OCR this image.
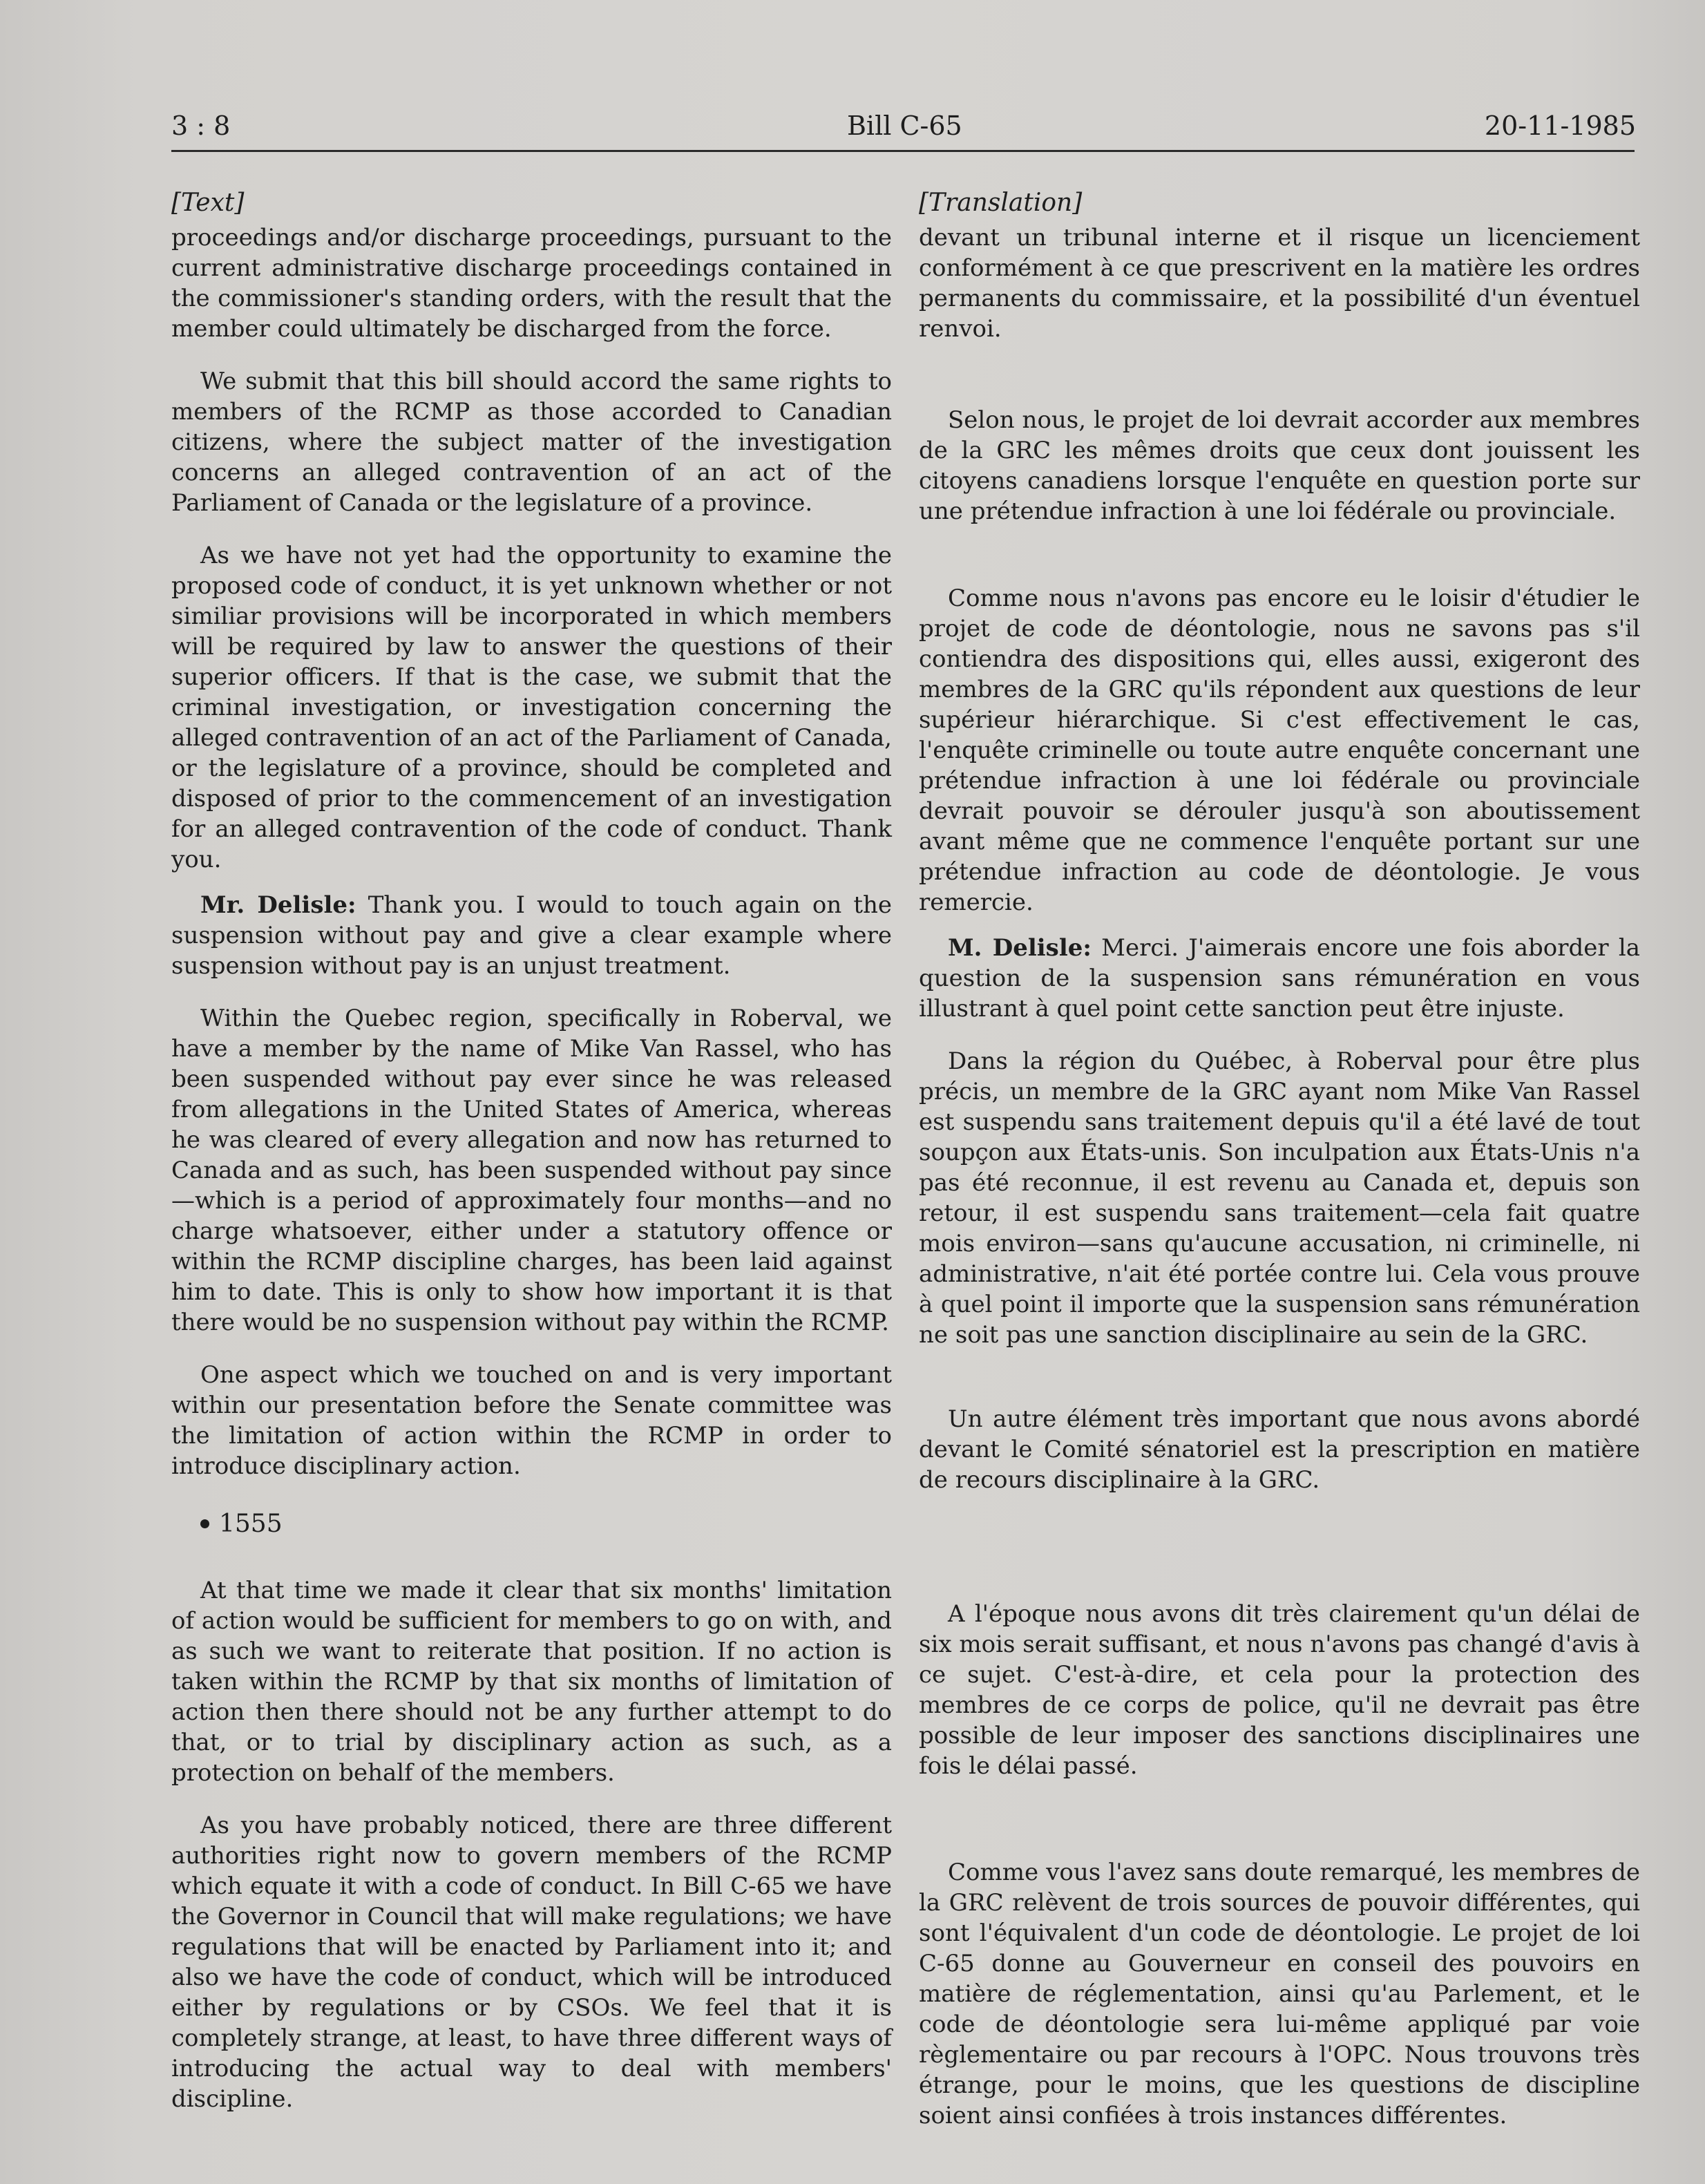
3 : 8	Bill C-65	20-11-1985

[Text]

proceedings and/or discharge proceedings, pursuant to the current administrative discharge proceedings contained in the commissioner's standing orders, with the result that the member could ultimately be discharged from the force.

We submit that this bill should accord the same rights to members of the RCMP as those accorded to Canadian citizens, where the subject matter of the investigation concerns an alleged contravention of an act of the Parliament of Canada or the legislature of a province.

As we have not yet had the opportunity to examine the proposed code of conduct, it is yet unknown whether or not similiar provisions will be incorporated in which members will be required by law to answer the questions of their superior officers. If that is the case, we submit that the criminal investigation, or investigation concerning the alleged contravention of an act of the Parliament of Canada, or the legislature of a province, should be completed and disposed of prior to the commencement of an investigation for an alleged contravention of the code of conduct. Thank you.

Mr. Delisle: Thank you. I would to touch again on the suspension without pay and give a clear example where suspension without pay is an unjust treatment.

Within the Quebec region, specifically in Roberval, we have a member by the name of Mike Van Rassel, who has been suspended without pay ever since he was released from allegations in the United States of America, whereas he was cleared of every allegation and now has returned to Canada and as such, has been suspended without pay since—which is a period of approximately four months—and no charge whatsoever, either under a statutory offence or within the RCMP discipline charges, has been laid against him to date. This is only to show how important it is that there would be no suspension without pay within the RCMP.

One aspect which we touched on and is very important within our presentation before the Senate committee was the limitation of action within the RCMP in order to introduce disciplinary action.

1555

At that time we made it clear that six months' limitation of action would be sufficient for members to go on with, and as such we want to reiterate that position. If no action is taken within the RCMP by that six months of limitation of action then there should not be any further attempt to do that, or to trial by disciplinary action as such, as a protection on behalf of the members.

As you have probably noticed, there are three different authorities right now to govern members of the RCMP which equate it with a code of conduct. In Bill C-65 we have the Governor in Council that will make regulations; we have regulations that will be enacted by Parliament into it; and also we have the code of conduct, which will be introduced either by regulations or by CSOs. We feel that it is completely strange, at least, to have three different ways of introducing the actual way to deal with members' discipline.

[Translation]

devant un tribunal interne et il risque un licenciement conformément à ce que prescrivent en la matière les ordres permanents du commissaire, et la possibilité d'un éventuel renvoi.

Selon nous, le projet de loi devrait accorder aux membres de la GRC les mêmes droits que ceux dont jouissent les citoyens canadiens lorsque l'enquête en question porte sur une prétendue infraction à une loi fédérale ou provinciale.

Comme nous n'avons pas encore eu le loisir d'étudier le projet de code de déontologie, nous ne savons pas s'il contiendra des dispositions qui, elles aussi, exigeront des membres de la GRC qu'ils répondent aux questions de leur supérieur hiérarchique. Si c'est effectivement le cas, l'enquête criminelle ou toute autre enquête concernant une prétendue infraction à une loi fédérale ou provinciale devrait pouvoir se dérouler jusqu'à son aboutissement avant même que ne commence l'enquête portant sur une prétendue infraction au code de déontologie. Je vous remercie.

M. Delisle: Merci. J'aimerais encore une fois aborder la question de la suspension sans rémunération en vous illustrant à quel point cette sanction peut être injuste.

Dans la région du Québec, à Roberval pour être plus précis, un membre de la GRC ayant nom Mike Van Rassel est suspendu sans traitement depuis qu'il a été lavé de tout soupçon aux États-unis. Son inculpation aux États-Unis n'a pas été reconnue, il est revenu au Canada et, depuis son retour, il est suspendu sans traitement—cela fait quatre mois environ—sans qu'aucune accusation, ni criminelle, ni administrative, n'ait été portée contre lui. Cela vous prouve à quel point il importe que la suspension sans rémunération ne soit pas une sanction disciplinaire au sein de la GRC.

Un autre élément très important que nous avons abordé devant le Comité sénatoriel est la prescription en matière de recours disciplinaire à la GRC.

A l'époque nous avons dit très clairement qu'un délai de six mois serait suffisant, et nous n'avons pas changé d'avis à ce sujet. C'est-à-dire, et cela pour la protection des membres de ce corps de police, qu'il ne devrait pas être possible de leur imposer des sanctions disciplinaires une fois le délai passé.

Comme vous l'avez sans doute remarqué, les membres de la GRC relèvent de trois sources de pouvoir différentes, qui sont l'équivalent d'un code de déontologie. Le projet de loi C-65 donne au Gouverneur en conseil des pouvoirs en matière de réglementation, ainsi qu'au Parlement, et le code de déontologie sera lui-même appliqué par voie règlementaire ou par recours à l'OPC. Nous trouvons très étrange, pour le moins, que les questions de discipline soient ainsi confiées à trois instances différentes.
